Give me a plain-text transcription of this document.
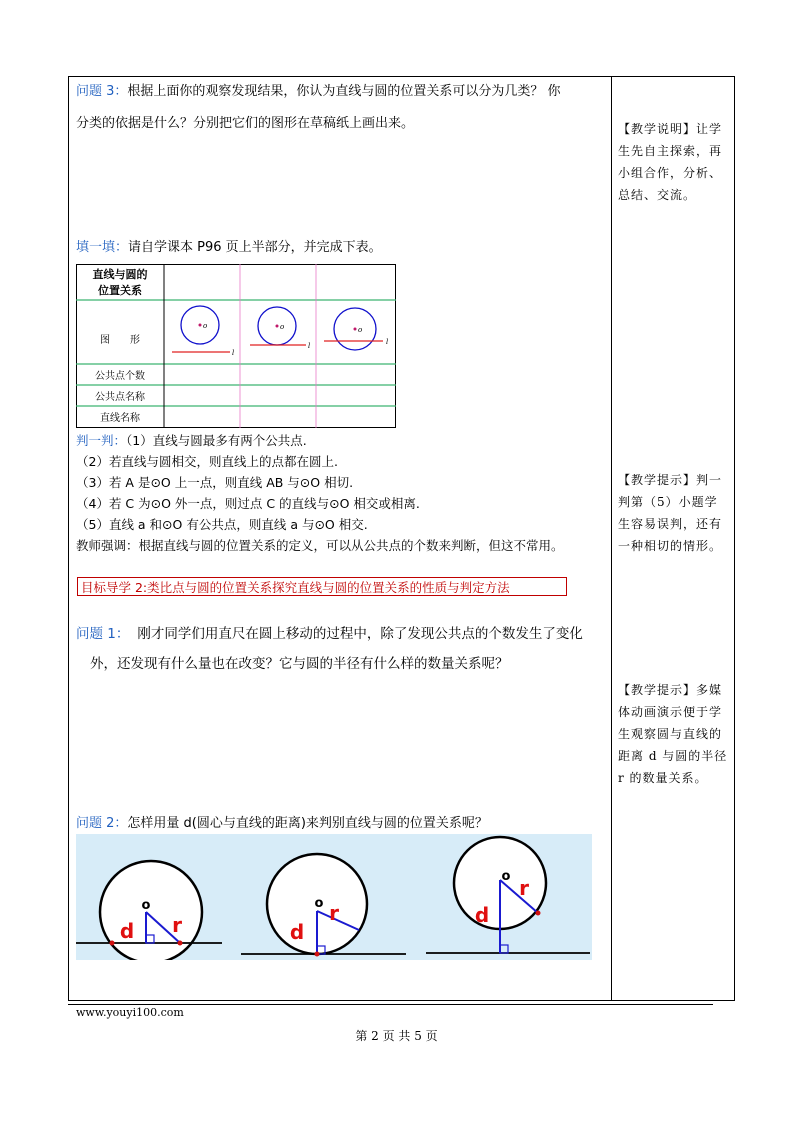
问题 3：根据上面你的观察发现结果，你认为直线与圆的位置关系可以分为几类？ 你
分类的依据是什么？分别把它们的图形在草稿纸上画出来。
填一填：请自学课本 P96 页上半部分，并完成下表。
直线与圆的
位置关系
图　　形
公共点个数
公共点名称
直线名称
o
l
o
l
o
l
判一判：（1）直线与圆最多有两个公共点.
（2）若直线与圆相交，则直线上的点都在圆上.
（3）若 A 是⊙O 上一点，则直线 AB 与⊙O 相切.
（4）若 C 为⊙O 外一点，则过点 C 的直线与⊙O 相交或相离.
（5）直线 a 和⊙O 有公共点，则直线 a 与⊙O 相交.
教师强调：根据直线与圆的位置关系的定义，可以从公共点的个数来判断，但这不常用。
目标导学 2:类比点与圆的位置关系探究直线与圆的位置关系的性质与判定方法
问题 1： 刚才同学们用直尺在圆上移动的过程中，除了发现公共点的个数发生了变化
外，还发现有什么量也在改变？它与圆的半径有什么样的数量关系呢？
问题 2：怎样用量 d(圆心与直线的距离)来判别直线与圆的位置关系呢？
o
d r
o
d
r
o
d
r
【教学说明】让学生先自主探索，再小组合作，分析、总结、交流。
【教学提示】判一判第（5）小题学生容易误判，还有一种相切的情形。
【教学提示】多媒体动画演示便于学生观察圆与直线的距离 d 与圆的半径 r 的数量关系。
www.youyi100.com
第 2 页 共 5 页
